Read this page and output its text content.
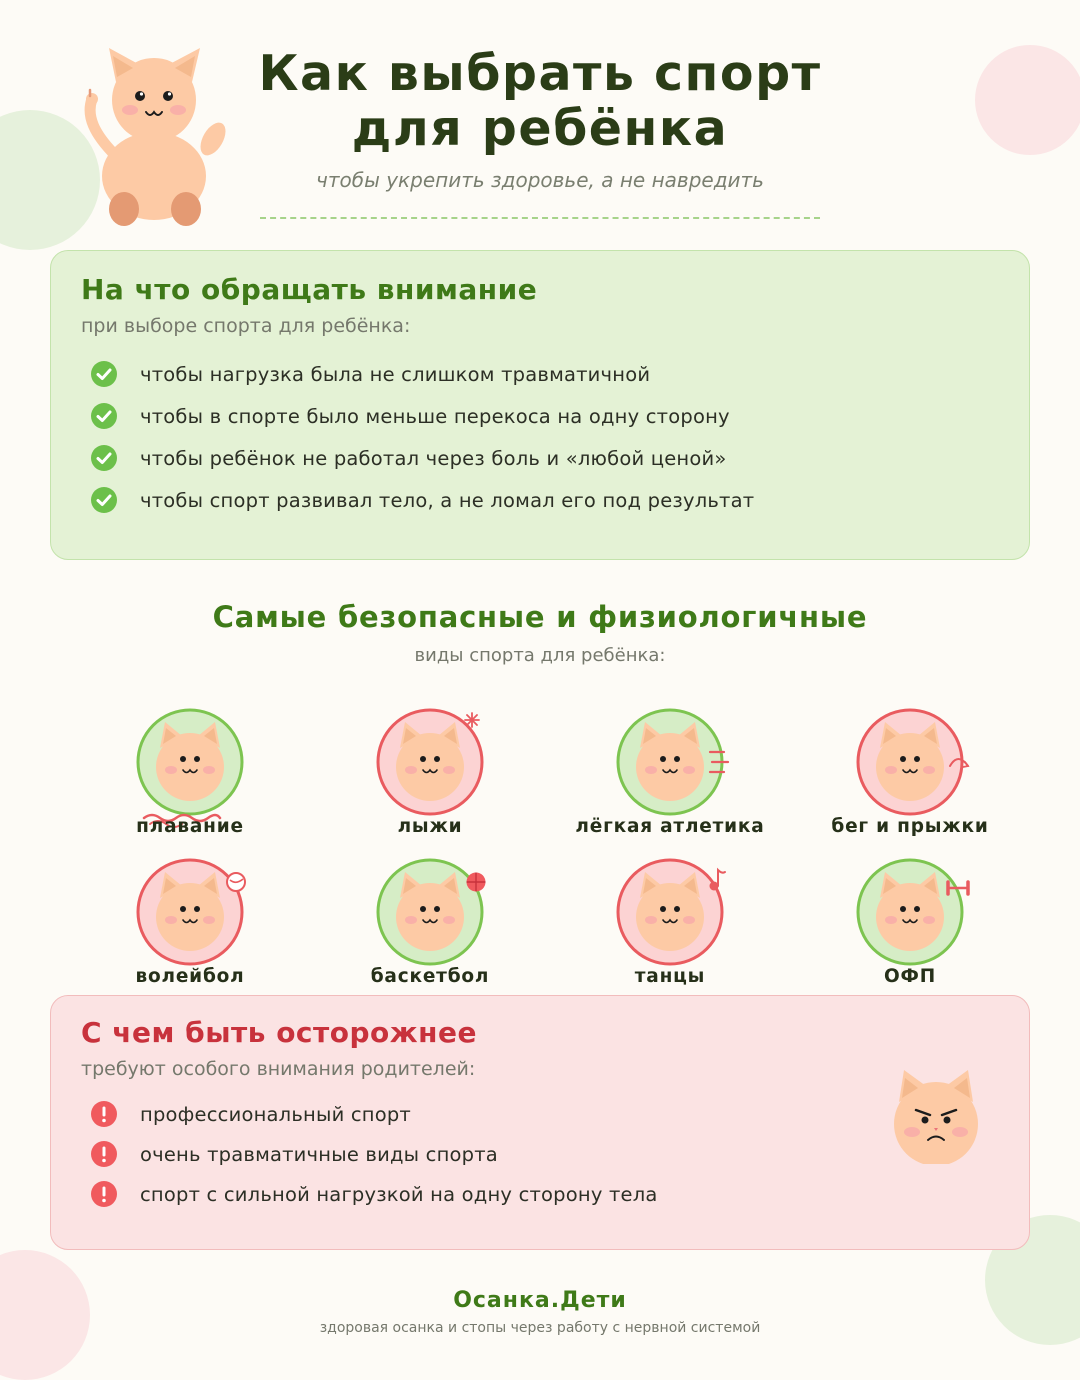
Как выбрать спорт
для ребёнка

чтобы укрепить здоровье, а не навредить

На что обращать внимание

при выборе спорта для ребёнка:

чтобы нагрузка была не слишком травматичной
чтобы в спорте было меньше перекоса на одну сторону
чтобы ребёнок не работал через боль и «любой ценой»
чтобы спорт развивал тело, а не ломал его под результат
Самые безопасные и физиологичные

виды спорта для ребёнка:

плавание	лыжи	лёгкая атлетика	бег и прыжки
волейбол	баскетбол	танцы	ОФП
С чем быть осторожнее

требуют особого внимания родителей:

профессиональный спорт
очень травматичные виды спорта
спорт с сильной нагрузкой на одну сторону тела

Осанка.Дети

здоровая осанка и стопы через работу с нервной системой
